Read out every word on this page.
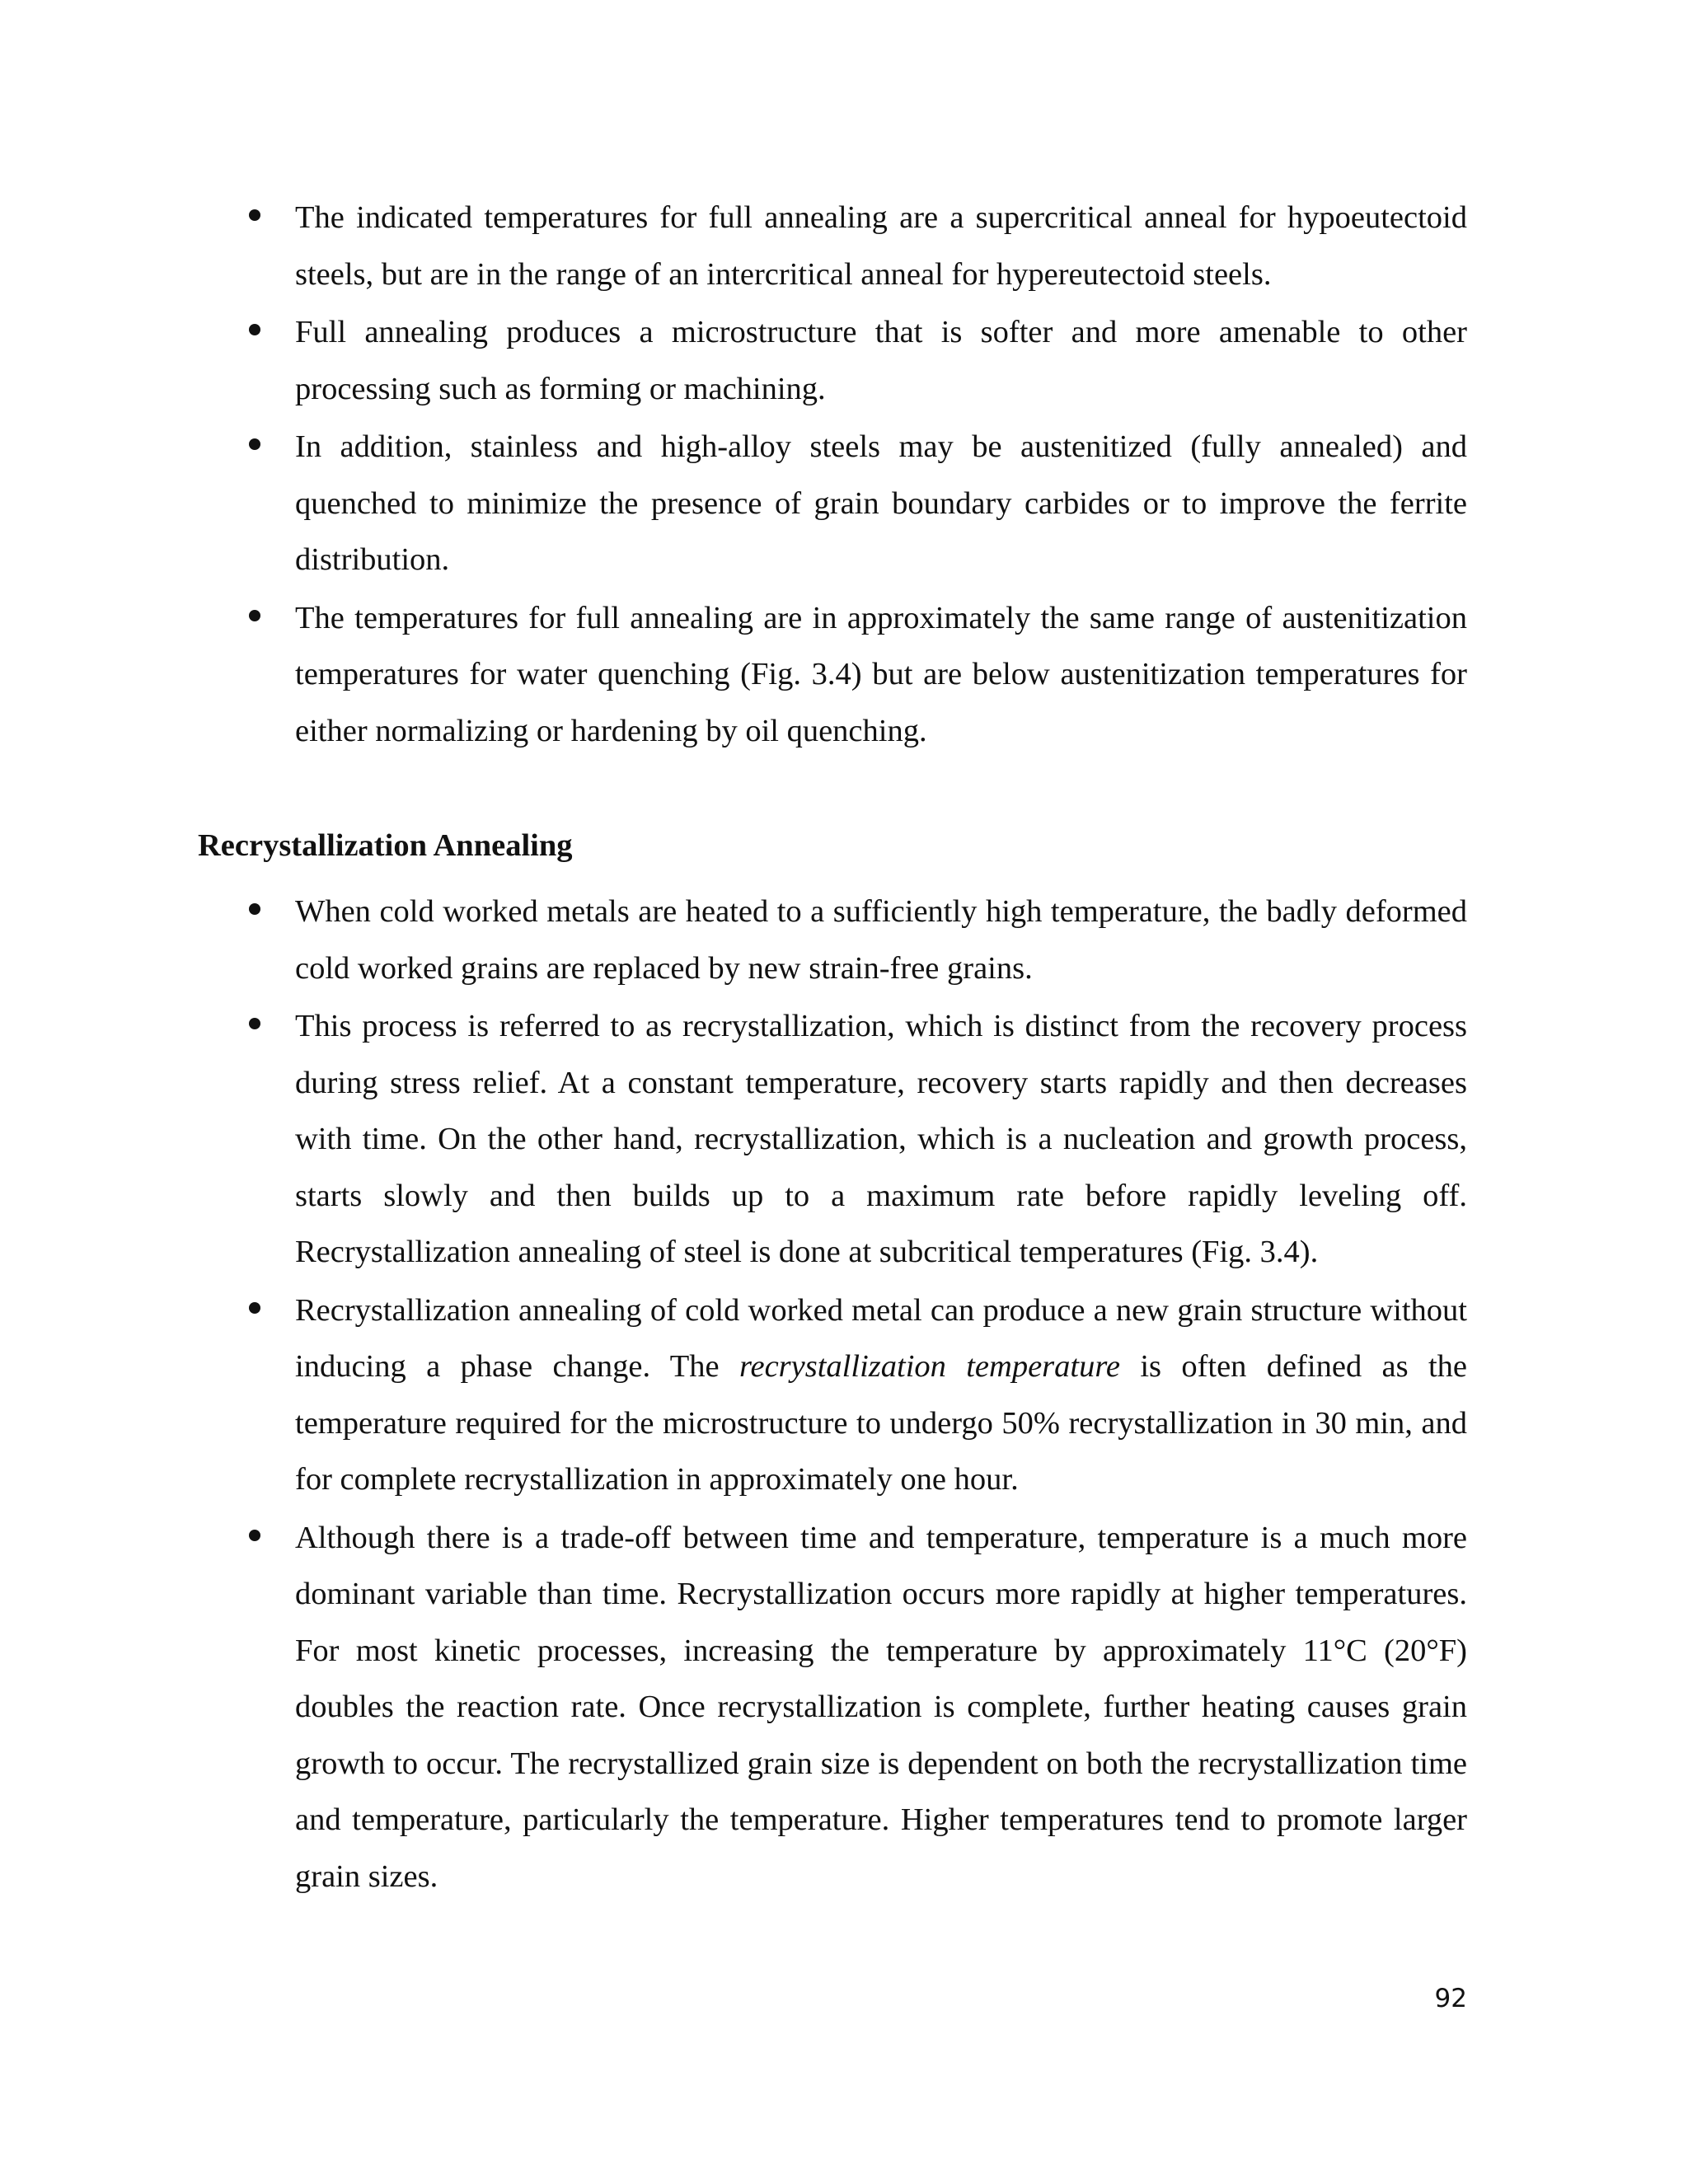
The indicated temperatures for full annealing are a supercritical anneal for hypoeutectoid steels, but are in the range of an intercritical anneal for hypereutectoid steels.
Full annealing produces a microstructure that is softer and more amenable to other processing such as forming or machining.
In addition, stainless and high-alloy steels may be austenitized (fully annealed) and quenched to minimize the presence of grain boundary carbides or to improve the ferrite distribution.
The temperatures for full annealing are in approximately the same range of austenitization temperatures for water quenching (Fig. 3.4) but are below austenitization temperatures for either normalizing or hardening by oil quenching.
Recrystallization Annealing
When cold worked metals are heated to a sufficiently high temperature, the badly deformed cold worked grains are replaced by new strain-free grains.
This process is referred to as recrystallization, which is distinct from the recovery process during stress relief. At a constant temperature, recovery starts rapidly and then decreases with time. On the other hand, recrystallization, which is a nucleation and growth process, starts slowly and then builds up to a maximum rate before rapidly leveling off. Recrystallization annealing of steel is done at subcritical temperatures (Fig. 3.4).
Recrystallization annealing of cold worked metal can produce a new grain structure without inducing a phase change. The recrystallization temperature is often defined as the temperature required for the microstructure to undergo 50% recrystallization in 30 min, and for complete recrystallization in approximately one hour.
Although there is a trade-off between time and temperature, temperature is a much more dominant variable than time. Recrystallization occurs more rapidly at higher temperatures. For most kinetic processes, increasing the temperature by approximately 11°C (20°F) doubles the reaction rate. Once recrystallization is complete, further heating causes grain growth to occur. The recrystallized grain size is dependent on both the recrystallization time and temperature, particularly the temperature. Higher temperatures tend to promote larger grain sizes.
92
